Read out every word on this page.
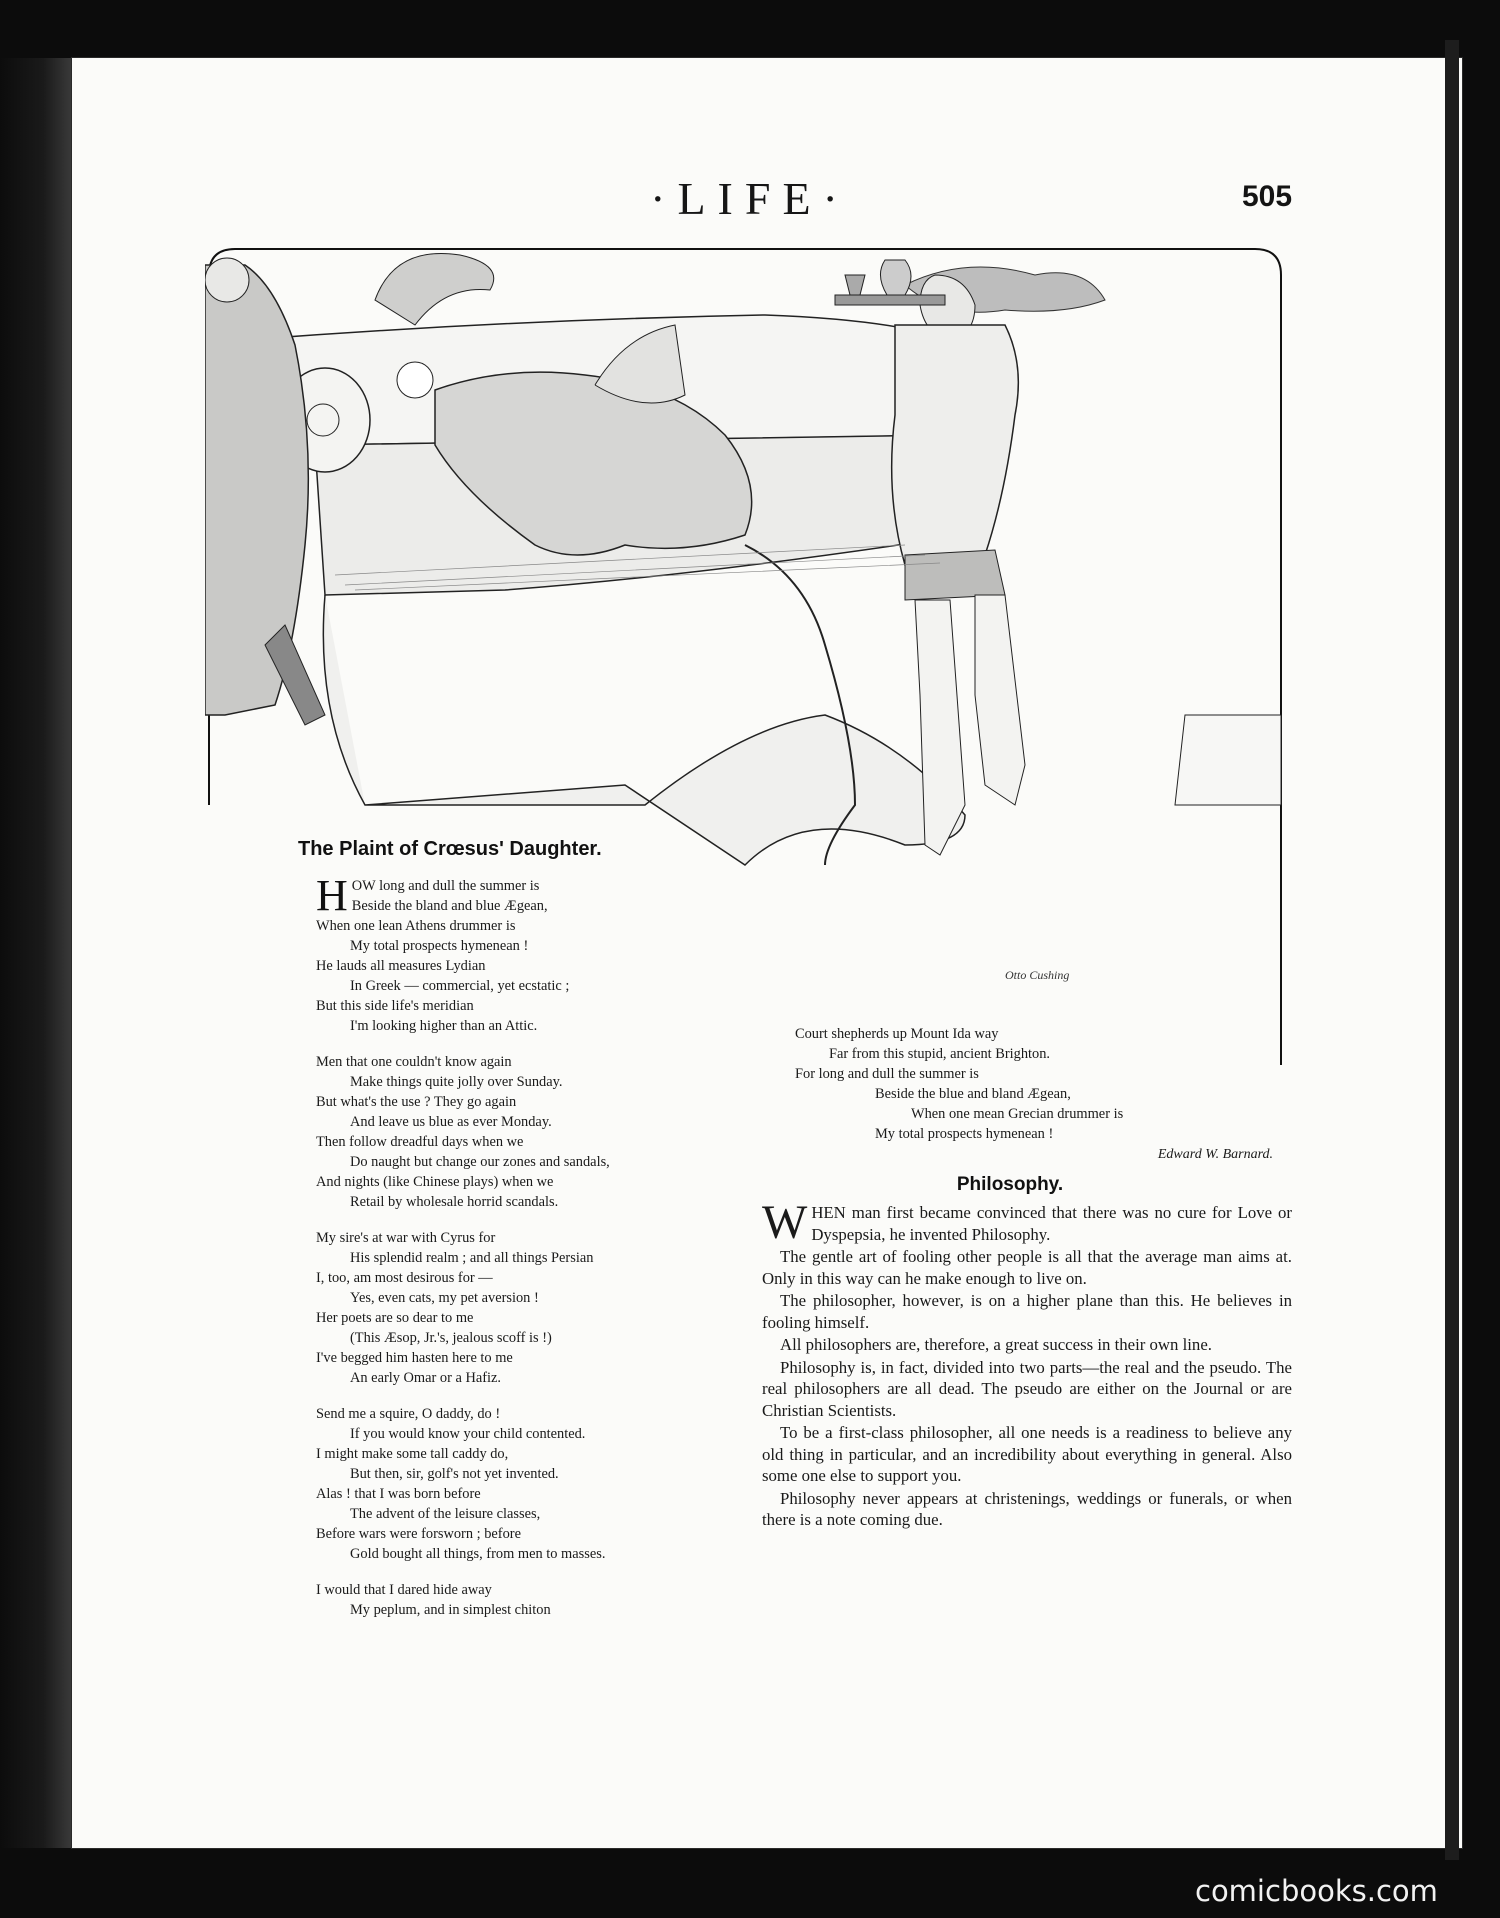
·LIFE·	505
Otto Cushing
The Plaint of Crœsus' Daughter.
H OW long and dull the summer is
Beside the bland and blue Ægean,
When one lean Athens drummer is
My total prospects hymenean !
He lauds all measures Lydian
In Greek — commercial, yet ecstatic ;
But this side life's meridian
I'm looking higher than an Attic.
Men that one couldn't know again
Make things quite jolly over Sunday.
But what's the use ? They go again
And leave us blue as ever Monday.
Then follow dreadful days when we
Do naught but change our zones and sandals,
And nights (like Chinese plays) when we
Retail by wholesale horrid scandals.
My sire's at war with Cyrus for
His splendid realm ; and all things Persian
I, too, am most desirous for —
Yes, even cats, my pet aversion !
Her poets are so dear to me
(This Æsop, Jr.'s, jealous scoff is !)
I've begged him hasten here to me
An early Omar or a Hafiz.
Send me a squire, O daddy, do !
If you would know your child contented.
I might make some tall caddy do,
But then, sir, golf's not yet invented.
Alas ! that I was born before
The advent of the leisure classes,
Before wars were forsworn ; before
Gold bought all things, from men to masses.
I would that I dared hide away
My peplum, and in simplest chiton
Court shepherds up Mount Ida way
Far from this stupid, ancient Brighton.
For long and dull the summer is
Beside the blue and bland Ægean,
When one mean Grecian drummer is
My total prospects hymenean !
Edward W. Barnard.
Philosophy.

WHEN man first became convinced that there was no cure for Love or Dyspepsia, he invented Philosophy.

The gentle art of fooling other people is all that the average man aims at. Only in this way can he make enough to live on.

The philosopher, however, is on a higher plane than this. He believes in fooling himself.

All philosophers are, therefore, a great success in their own line.

Philosophy is, in fact, divided into two parts—the real and the pseudo. The real philosophers are all dead. The pseudo are either on the Journal or are Christian Scientists.

To be a first-class philosopher, all one needs is a readiness to believe any old thing in particular, and an incredibility about everything in general. Also some one else to support you.

Philosophy never appears at christenings, weddings or funerals, or when there is a note coming due.

comicbooks.com
